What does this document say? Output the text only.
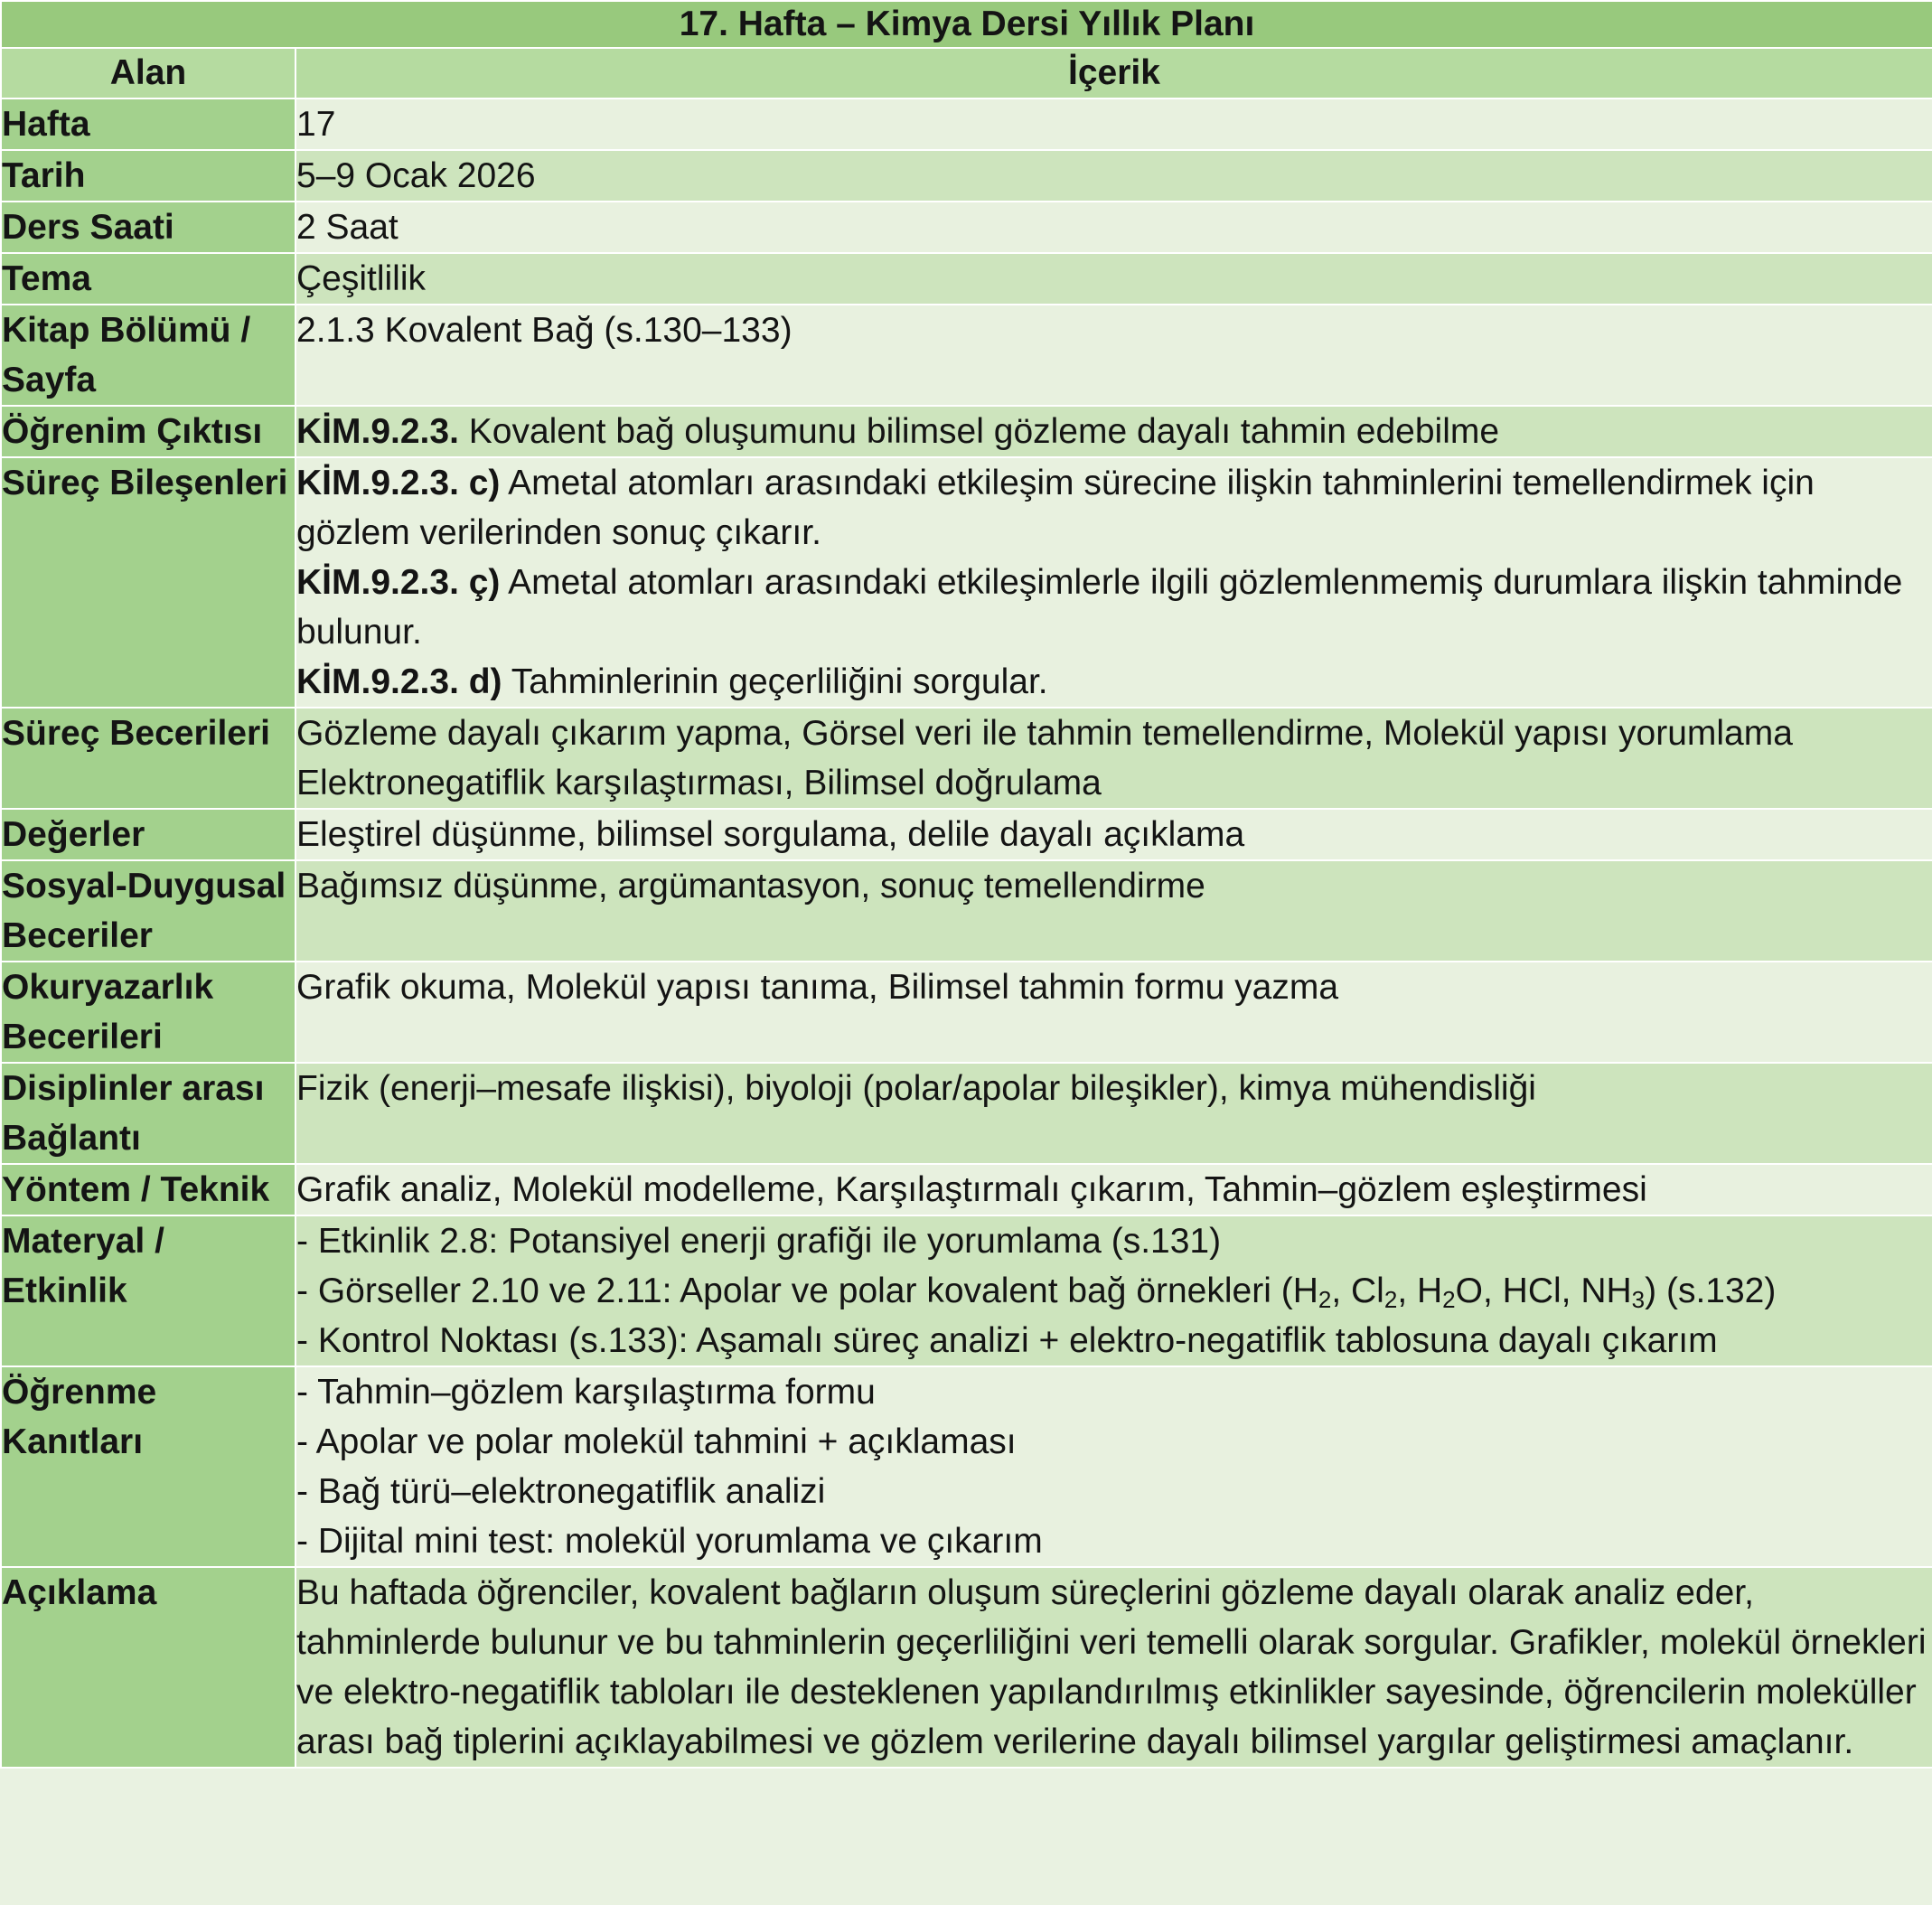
17. Hafta – Kimya Dersi Yıllık Planı	
Alan	İçerik
Hafta	17
Tarih	5–9 Ocak 2026
Ders Saati	2 Saat
Tema	Çeşitlilik
Kitap Bölümü / Sayfa	2.1.3 Kovalent Bağ (s.130–133)
Öğrenim Çıktısı	KİM.9.2.3. Kovalent bağ oluşumunu bilimsel gözleme dayalı tahmin edebilme
Süreç Bileşenleri	KİM.9.2.3. c) Ametal atomları arasındaki etkileşim sürecine ilişkin tahminlerini temellendirmek için gözlem verilerinden sonuç çıkarır.
KİM.9.2.3. ç) Ametal atomları arasındaki etkileşimlerle ilgili gözlemlenmemiş durumlara ilişkin tahminde bulunur.
KİM.9.2.3. d) Tahminlerinin geçerliliğini sorgular.

Süreç Becerileri	Gözleme dayalı çıkarım yapma, Görsel veri ile tahmin temellendirme, Molekül yapısı yorumlama Elektronegatiflik karşılaştırması, Bilimsel doğrulama
Değerler	Eleştirel düşünme, bilimsel sorgulama, delile dayalı açıklama
Sosyal-Duygusal Beceriler	Bağımsız düşünme, argümantasyon, sonuç temellendirme
Okuryazarlık Becerileri	Grafik okuma, Molekül yapısı tanıma, Bilimsel tahmin formu yazma
Disiplinler arası Bağlantı	Fizik (enerji–mesafe ilişkisi), biyoloji (polar/apolar bileşikler), kimya mühendisliği
Yöntem / Teknik	Grafik analiz, Molekül modelleme, Karşılaştırmalı çıkarım, Tahmin–gözlem eşleştirmesi
Materyal / Etkinlik	- Etkinlik 2.8: Potansiyel enerji grafiği ile yorumlama (s.131)
- Görseller 2.10 ve 2.11: Apolar ve polar kovalent bağ örnekleri ($H_2$, $Cl_2$, $H_2O$, HCl, $NH_3$) (s.132)
- Kontrol Noktası (s.133): Aşamalı süreç analizi + elektro-negatiflik tablosuna dayalı çıkarım

Öğrenme Kanıtları	- Tahmin–gözlem karşılaştırma formu
- Apolar ve polar molekül tahmini + açıklaması
- Bağ türü–elektronegatiflik analizi
- Dijital mini test: molekül yorumlama ve çıkarım

Açıklama	Bu haftada öğrenciler, kovalent bağların oluşum süreçlerini gözleme dayalı olarak analiz eder, tahminlerde bulunur ve bu tahminlerin geçerliliğini veri temelli olarak sorgular. Grafikler, molekül örnekleri ve elektro-negatiflik tabloları ile desteklenen yapılandırılmış etkinlikler sayesinde, öğrencilerin moleküller arası bağ tiplerini açıklayabilmesi ve gözlem verilerine dayalı bilimsel yargılar geliştirmesi amaçlanır.
